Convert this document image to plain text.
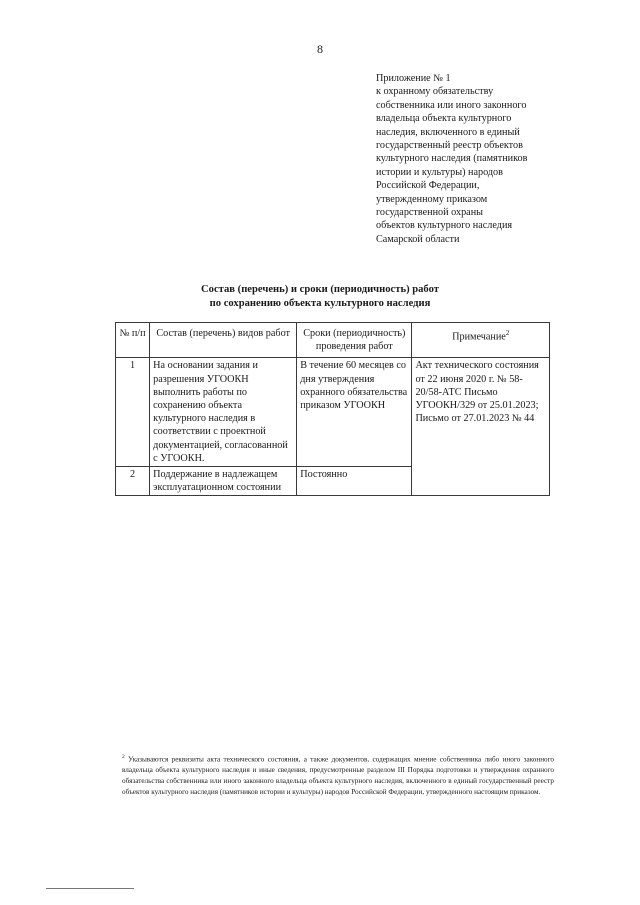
8
Приложение № 1
к охранному обязательству
собственника или иного законного
владельца объекта культурного
наследия, включенного в единый
государственный реестр объектов
культурного наследия (памятников
истории и культуры) народов
Российской Федерации,
утвержденному приказом
государственной охраны
объектов культурного наследия
Самарской области
Состав (перечень) и сроки (периодичность) работ
по сохранению объекта культурного наследия
№ п/п	Состав (перечень) видов работ	Сроки (периодичность) проведения работ	Примечание$^2$
1	На основании задания и разрешения УГООКН выполнить работы по сохранению объекта культурного наследия в соответствии с проектной документацией, согласованной с УГООКН.	В течение 60 месяцев со дня утверждения охранного обязательства приказом УГООКН	Акт технического состояния от 22 июня 2020 г. № 58-20/58-АТС Письмо УГООКН/329 от 25.01.2023; Письмо от 27.01.2023 № 44
2	Поддержание в надлежащем эксплуатационном состоянии	Постоянно	
$^2$ Указываются реквизиты акта технического состояния, а также документов, содержащих мнение собственника либо иного законного владельца объекта культурного наследия и иные сведения, предусмотренные разделом III Порядка подготовки и утверждения охранного обязательства собственника или иного законного владельца объекта культурного наследия, включенного в единый государственный реестр объектов культурного наследия (памятников истории и культуры) народов Российской Федерации, утвержденного настоящим приказом.
